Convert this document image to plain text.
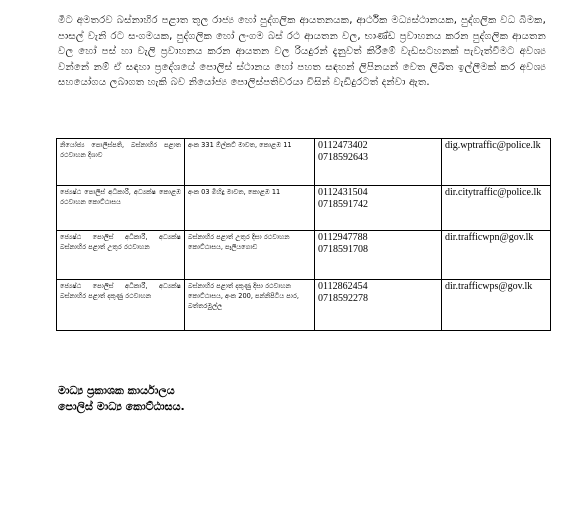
මීට අමතරව බස්නාහිර පළාත තුල රාජ්‍ය හෝ පුද්ගලික ආයතනයක, ආර්ථික මධ්‍යස්ථානයක, පුද්ගලික වධ බිමක, පාසල් වැනි රට සංගමයක, පුද්ගලික හෝ ලංගම බස් රථ ආයතන වල, භාණ්ඩ ප්‍රවාහනය කරන පුද්ගලික ආයතන වල හෝ පස් හා වැලි ප්‍රවාහනය කරන ආයතන වල රියදුරන් දැනුවත් කිරීමේ වැඩසටහනක් පැවැත්වීමට අවශ්‍ය වන්නේ නම් ඒ සඳහා ප්‍රදේශයේ පොලිස් ස්ථානය හෝ පහත සඳහන් ලිපිනයන් වෙත ලිඛිත ඉල්ලීමක් කර අවශ්‍ය සහයෝගය ලබාගත හැකි බව නියෝජ්‍ය පොලිස්පතිවරයා විසින් වැඩිදුරටත් දන්වා ඇත.

නියෝජ්‍ය පොලිස්පති, බස්නාහිර පළාත රථවාහන දිශාව	අංක 331 ඕල්කට් මාවත, කොළඹ 11	0112473402
0718592643	dig.wptraffic@police.lk

ජ්‍යෙෂ්ඨ පොලිස් අධිකාරී, අධ්‍යක්ෂ කොළඹ රථවාහන කොට්ඨාසය	අංක 03 මිහිදු මාවත, කොළඹ 11	0112431504
0718591742	dir.citytraffic@police.lk

ජ්‍යෙෂ්ඨ පොලිස් අධිකාරී, අධ්‍යක්ෂ බස්නාහිර පළාත් උතුර රථවාහන	බස්නාහිර පළාත් උතුර දිසා රථවාහන කොට්ඨාසය, පෑලියගොඩ	0112947788
0718591708	dir.trafficwpn@gov.lk

ජ්‍යෙෂ්ඨ පොලිස් අධිකාරී, අධ්‍යක්ෂ බස්නාහිර පළාත් දකුණු රථවාහන	බස්නාහිර පළාත් දකුණු දිසා රථවාහන කොට්ඨාසය, අංක 200, පන්නිපිටිය පාර, බත්තරමුල්ල	0112862454
0718592278	dir.trafficwps@gov.lk
මාධ්‍ය ප්‍රකාශක කාර්යාලය
පොලිස් මාධ්‍ය කොට්ඨාසය.
